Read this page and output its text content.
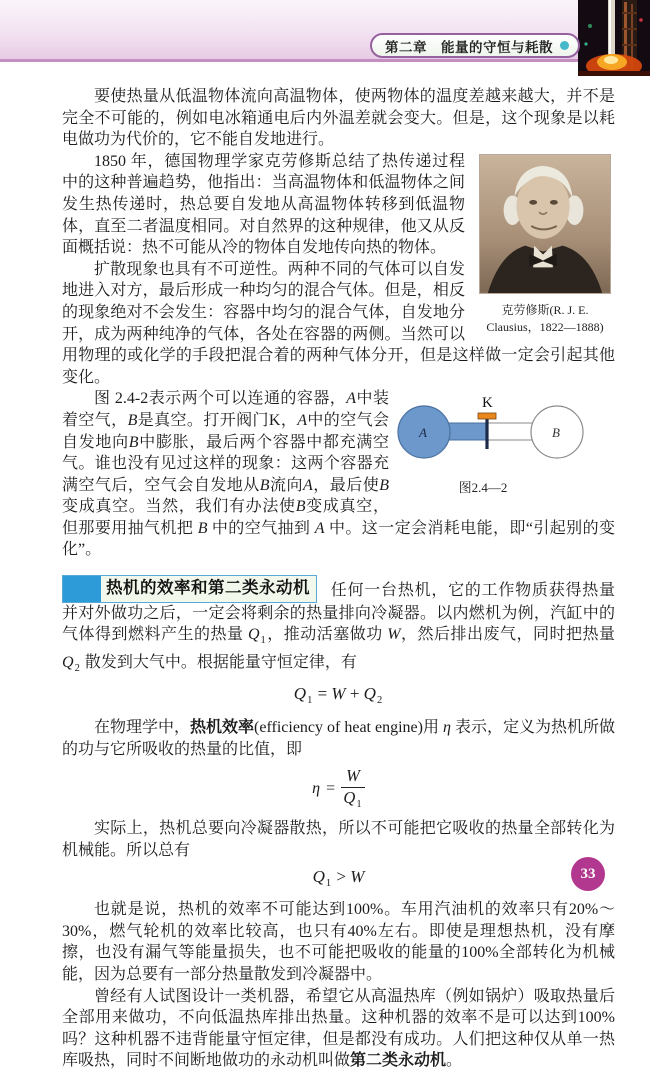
第二章　能量的守恒与耗散

要使热量从低温物体流向高温物体，使两物体的温度差越来越大，并不是完全不可能的，例如电冰箱通电后内外温差就会变大。但是，这个现象是以耗电做功为代价的，它不能自发地进行。

克劳修斯(R. J. E.
Clausius，1822—1888)

1850 年，德国物理学家克劳修斯总结了热传递过程中的这种普遍趋势，他指出：当高温物体和低温物体之间发生热传递时，热总要自发地从高温物体转移到低温物体，直至二者温度相同。对自然界的这种规律，他又从反面概括说：热不可能从冷的物体自发地传向热的物体。

扩散现象也具有不可逆性。两种不同的气体可以自发地进入对方，最后形成一种均匀的混合气体。但是，相反的现象绝对不会发生：容器中均匀的混合气体，自发地分开，成为两种纯净的气体，各处在容器的两侧。当然可以用物理的或化学的手段把混合着的两种气体分开，但是这样做一定会引起其他变化。

K
A	B
图2.4—2

图 2.4-2表示两个可以连通的容器，A中装着空气，B是真空。打开阀门K，A中的空气会自发地向B中膨胀，最后两个容器中都充满空气。谁也没有见过这样的现象：这两个容器充满空气后，空气会自发地从B流向A，最后使B变成真空。当然，我们有办法使B变成真空，但那要用抽气机把 B 中的空气抽到 A 中。这一定会消耗电能，即“引起别的变化”。

热机的效率和第二类永动机	任何一台热机，它的工作物质获得热量并对外做功之后，一定会将剩余的热量排向冷凝器。以内燃机为例，汽缸中的气体得到燃料产生的热量 $Q_1$，推动活塞做功 W，然后排出废气，同时把热量 $Q_2$ 散发到大气中。根据能量守恒定律，有

$Q_1 = W + Q_2$

在物理学中，热机效率(efficiency of heat engine)用 η 表示，定义为热机所做的功与它所吸收的热量的比值，即

$\eta = \frac{W}{Q_1}$

实际上，热机总要向冷凝器散热，所以不可能把它吸收的热量全部转化为机械能。所以总有

$Q_1 > W$

也就是说，热机的效率不可能达到100%。车用汽油机的效率只有20%～30%，燃气轮机的效率比较高，也只有40%左右。即使是理想热机，没有摩擦，也没有漏气等能量损失，也不可能把吸收的能量的100%全部转化为机械能，因为总要有一部分热量散发到冷凝器中。

曾经有人试图设计一类机器，希望它从高温热库（例如锅炉）吸取热量后全部用来做功，不向低温热库排出热量。这种机器的效率不是可以达到100%吗？这种机器不违背能量守恒定律，但是都没有成功。人们把这种仅从单一热库吸热，同时不间断地做功的永动机叫做第二类永动机。

33
